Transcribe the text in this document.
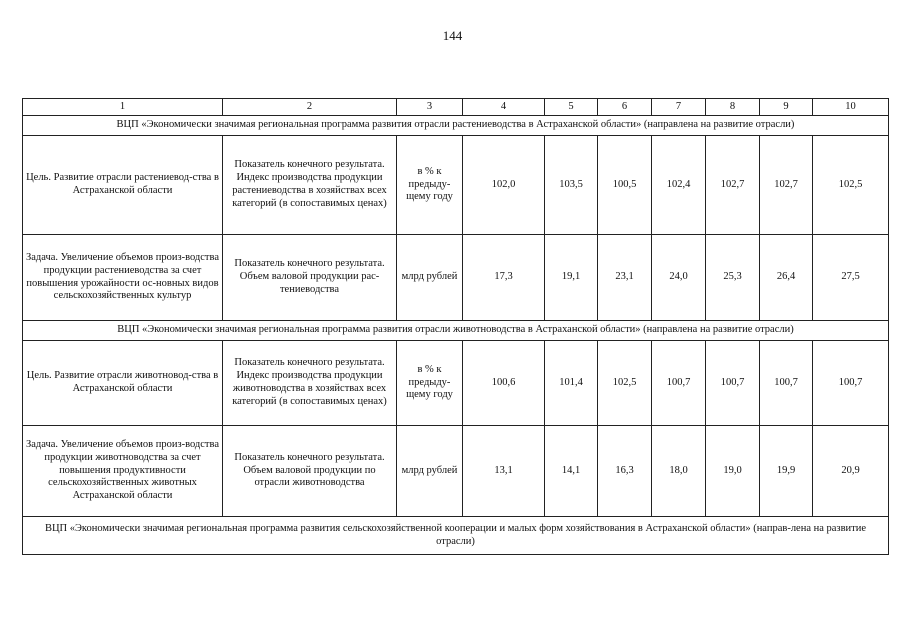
144
1	2	3	4	5	6	7	8	9	10
ВЦП «Экономически значимая региональная программа развития отрасли растениеводства в Астраханской области» (направлена на развитие отрасли)									
Цель. Развитие отрасли растениевод-ства в Астраханской области	Показатель конечного результата. Индекс производства продукции растениеводства в хозяйствах всех категорий (в сопоставимых ценах)	в % к предыду-щему году	102,0	103,5	100,5	102,4	102,7	102,7	102,5
Задача. Увеличение объемов произ-водства продукции растениеводства за счет повышения урожайности ос-новных видов сельскохозяйственных культур	Показатель конечного результата. Объем валовой продукции рас-тениеводства	млрд рублей	17,3	19,1	23,1	24,0	25,3	26,4	27,5
ВЦП «Экономически значимая региональная программа развития отрасли животноводства в Астраханской области» (направлена на развитие отрасли)									
Цель. Развитие отрасли животновод-ства в Астраханской области	Показатель конечного результата. Индекс производства продукции животноводства в хозяйствах всех категорий (в сопоставимых ценах)	в % к предыду-щему году	100,6	101,4	102,5	100,7	100,7	100,7	100,7
Задача. Увеличение объемов произ-водства продукции животноводства за счет повышения продуктивности сельскохозяйственных животных Астраханской области	Показатель конечного результата. Объем валовой продукции по отрасли животноводства	млрд рублей	13,1	14,1	16,3	18,0	19,0	19,9	20,9
ВЦП «Экономически значимая региональная программа развития сельскохозяйственной кооперации и малых форм хозяйствования в Астраханской области» (направ-лена на развитие отрасли)									
